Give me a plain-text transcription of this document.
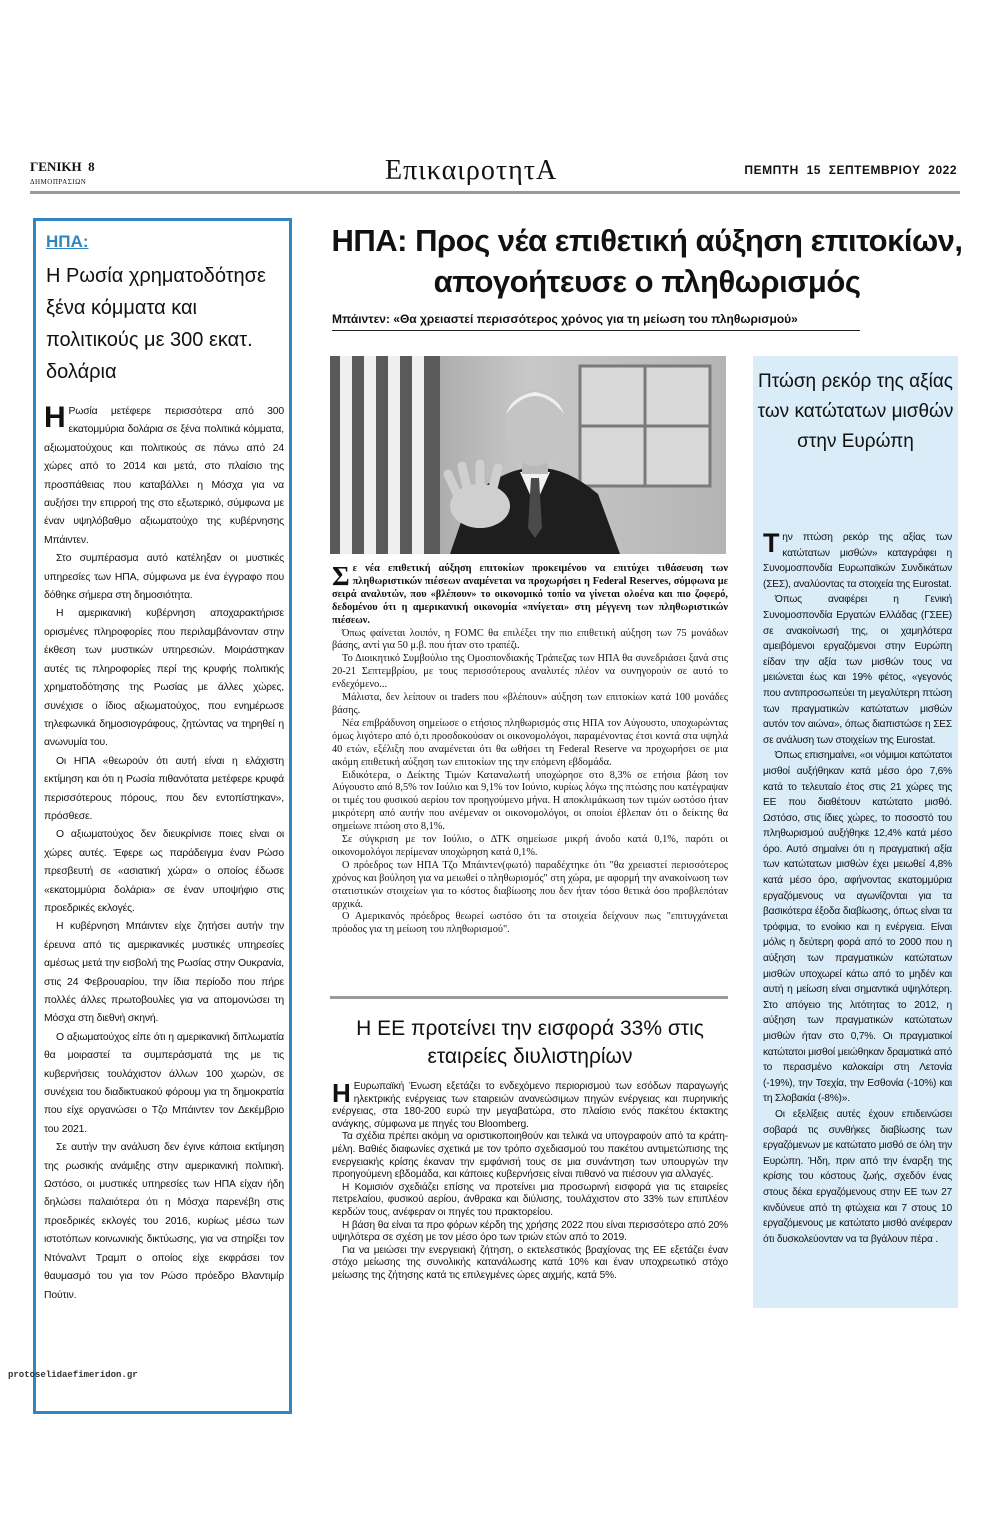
ΓΕΝΙΚΗ 8
ΔΗΜΟΠΡΑΣΙΩΝ	ΕπικαιροτητΑ	ΠΕΜΠΤΗ 15 ΣΕΠΤΕΜΒΡΙΟΥ 2022
ΗΠΑ:
Η Ρωσία χρηματοδότησε ξένα κόμματα και πολιτικούς με 300 εκατ. δολάρια

Η Ρωσία μετέφερε περισσότερα από 300 εκατομμύρια δολάρια σε ξένα πολιτικά κόμματα, αξιωματούχους και πολιτικούς σε πάνω από 24 χώρες από το 2014 και μετά, στο πλαίσιο της προσπάθειας που καταβάλλει η Μόσχα για να αυξήσει την επιρροή της στο εξωτερικό, σύμφωνα με έναν υψηλόβαθμο αξιωματούχο της κυβέρνησης Μπάιντεν.

Στο συμπέρασμα αυτό κατέληξαν οι μυστικές υπηρεσίες των ΗΠΑ, σύμφωνα με ένα έγγραφο που δόθηκε σήμερα στη δημοσιότητα.

Η αμερικανική κυβέρνηση αποχαρακτήρισε ορισμένες πληροφορίες που περιλαμβάνονταν στην έκθεση των μυστικών υπηρεσιών. Μοιράστηκαν αυτές τις πληροφορίες περί της κρυφής πολιτικής χρηματοδότησης της Ρωσίας με άλλες χώρες, συνέχισε ο ίδιος αξιωματούχος, που ενημέρωσε τηλεφωνικά δημοσιογράφους, ζητώντας να τηρηθεί η ανωνυμία του.

Οι ΗΠΑ «θεωρούν ότι αυτή είναι η ελάχιστη εκτίμηση και ότι η Ρωσία πιθανότατα μετέφερε κρυφά περισσότερους πόρους, που δεν εντοπίστηκαν», πρόσθεσε.

Ο αξιωματούχος δεν διευκρίνισε ποιες είναι οι χώρες αυτές. Έφερε ως παράδειγμα έναν Ρώσο πρεσβευτή σε «ασιατική χώρα» ο οποίος έδωσε «εκατομμύρια δολάρια» σε έναν υποψήφιο στις προεδρικές εκλογές.

Η κυβέρνηση Μπάιντεν είχε ζητήσει αυτήν την έρευνα από τις αμερικανικές μυστικές υπηρεσίες αμέσως μετά την εισβολή της Ρωσίας στην Ουκρανία, στις 24 Φεβρουαρίου, την ίδια περίοδο που πήρε πολλές άλλες πρωτοβουλίες για να απομονώσει τη Μόσχα στη διεθνή σκηνή.

Ο αξιωματούχος είπε ότι η αμερικανική διπλωματία θα μοιραστεί τα συμπεράσματά της με τις κυβερνήσεις τουλάχιστον άλλων 100 χωρών, σε συνέχεια του διαδικτυακού φόρουμ για τη δημοκρατία που είχε οργανώσει ο Τζο Μπάιντεν τον Δεκέμβριο του 2021.

Σε αυτήν την ανάλυση δεν έγινε κάποια εκτίμηση της ρωσικής ανάμιξης στην αμερικανική πολιτική. Ωστόσο, οι μυστικές υπηρεσίες των ΗΠΑ είχαν ήδη δηλώσει παλαιότερα ότι η Μόσχα παρενέβη στις προεδρικές εκλογές του 2016, κυρίως μέσω των ιστοτόπων κοινωνικής δικτύωσης, για να στηρίξει τον Ντόναλντ Τραμπ ο οποίος είχε εκφράσει τον θαυμασμό του για τον Ρώσο πρόεδρο Βλαντιμίρ Πούτιν.

ΗΠΑ: Προς νέα επιθετική αύξηση επιτοκίων, απογοήτευσε ο πληθωρισμός
Μπάιντεν: «Θα χρειαστεί περισσότερος χρόνος για τη μείωση του πληθωρισμού»

Σε νέα επιθετική αύξηση επιτοκίων προκειμένου να επιτύχει τιθάσευση των πληθωριστικών πιέσεων αναμένεται να προχωρήσει η Federal Reserves, σύμφωνα με σειρά αναλυτών, που «βλέπουν» το οικονομικό τοπίο να γίνεται ολοένα και πιο ζοφερό, δεδομένου ότι η αμερικανική οικονομία «πνίγεται» στη μέγγενη των πληθωριστικών πιέσεων.

Όπως φαίνεται λοιπόν, η FOMC θα επιλέξει την πιο επιθετική αύξηση των 75 μονάδων βάσης, αντί για 50 μ.β. που ήταν στο τραπέζι.

Το Διοικητικό Συμβούλιο της Ομοσπονδιακής Τράπεζας των ΗΠΑ θα συνεδριάσει ξανά στις 20-21 Σεπτεμβρίου, με τους περισσότερους αναλυτές πλέον να συνηγορούν σε αυτό το ενδεχόμενο...

Μάλιστα, δεν λείπουν οι traders που «βλέπουν» αύξηση των επιτοκίων κατά 100 μονάδες βάσης.

Νέα επιβράδυνση σημείωσε ο ετήσιος πληθωρισμός στις ΗΠΑ τον Αύγουστο, υποχωρώντας όμως λιγότερο από ό,τι προσδοκούσαν οι οικονομολόγοι, παραμένοντας έτσι κοντά στα υψηλά 40 ετών, εξέλιξη που αναμένεται ότι θα ωθήσει τη Federal Reserve να προχωρήσει σε μια ακόμη επιθετική αύξηση των επιτοκίων της την επόμενη εβδομάδα.

Ειδικότερα, ο Δείκτης Τιμών Καταναλωτή υποχώρησε στο 8,3% σε ετήσια βάση τον Αύγουστο από 8,5% τον Ιούλιο και 9,1% τον Ιούνιο, κυρίως λόγω της πτώσης που κατέγραψαν οι τιμές του φυσικού αερίου τον προηγούμενο μήνα. Η αποκλιμάκωση των τιμών ωστόσο ήταν μικρότερη από αυτήν που ανέμεναν οι οικονομολόγοι, οι οποίοι έβλεπαν ότι ο δείκτης θα σημείωνε πτώση στο 8,1%.

Σε σύγκριση με τον Ιούλιο, ο ΔΤΚ σημείωσε μικρή άνοδο κατά 0,1%, παρότι οι οικονομολόγοι περίμεναν υποχώρηση κατά 0,1%.

Ο πρόεδρος των ΗΠΑ Τζο Μπάιντεν(φωτό) παραδέχτηκε ότι "θα χρειαστεί περισσότερος χρόνος και βούληση για να μειωθεί ο πληθωρισμός" στη χώρα, με αφορμή την ανακοίνωση των στατιστικών στοιχείων για το κόστος διαβίωσης που δεν ήταν τόσο θετικά όσο προβλεπόταν αρχικά.

Ο Αμερικανός πρόεδρος θεωρεί ωστόσο ότι τα στοιχεία δείχνουν πως "επιτυγχάνεται πρόοδος για τη μείωση του πληθωρισμού".

Η ΕΕ προτείνει την εισφορά 33% στις εταιρείες διυλιστηρίων

Η Ευρωπαϊκή Ένωση εξετάζει το ενδεχόμενο περιορισμού των εσόδων παραγωγής ηλεκτρικής ενέργειας των εταιρειών ανανεώσιμων πηγών ενέργειας και πυρηνικής ενέργειας, στα 180-200 ευρώ την μεγαβατώρα, στο πλαίσιο ενός πακέτου έκτακτης ανάγκης, σύμφωνα με πηγές του Bloomberg.

Τα σχέδια πρέπει ακόμη να οριστικοποιηθούν και τελικά να υπογραφούν από τα κράτη-μέλη. Βαθιές διαφωνίες σχετικά με τον τρόπο σχεδιασμού του πακέτου αντιμετώπισης της ενεργειακής κρίσης έκαναν την εμφάνισή τους σε μια συνάντηση των υπουργών την προηγούμενη εβδομάδα, και κάποιες κυβερνήσεις είναι πιθανό να πιέσουν για αλλαγές.

Η Κομισιόν σχεδιάζει επίσης να προτείνει μια προσωρινή εισφορά για τις εταιρείες πετρελαίου, φυσικού αερίου, άνθρακα και διύλισης, τουλάχιστον στο 33% των επιπλέον κερδών τους, ανέφεραν οι πηγές του πρακτορείου.

Η βάση θα είναι τα προ φόρων κέρδη της χρήσης 2022 που είναι περισσότερο από 20% υψηλότερα σε σχέση με τον μέσο όρο των τριών ετών από το 2019.

Για να μειώσει την ενεργειακή ζήτηση, ο εκτελεστικός βραχίονας της ΕΕ εξετάζει έναν στόχο μείωσης της συνολικής κατανάλωσης κατά 10% και έναν υποχρεωτικό στόχο μείωσης της ζήτησης κατά τις επιλεγμένες ώρες αιχμής, κατά 5%.

Πτώση ρεκόρ της αξίας των κατώτατων μισθών στην Ευρώπη

Την πτώση ρεκόρ της αξίας των κατώτατων μισθών» καταγράφει η Συνομοσπονδία Ευρωπαϊκών Συνδικάτων (ΣΕΣ), αναλύοντας τα στοιχεία της Eurostat.

Όπως αναφέρει η Γενική Συνομοσπονδία Εργατών Ελλάδας (ΓΣΕΕ) σε ανακοίνωσή της, οι χαμηλότερα αμειβόμενοι εργαζόμενοι στην Ευρώπη είδαν την αξία των μισθών τους να μειώνεται έως και 19% φέτος, «γεγονός που αντιπροσωπεύει τη μεγαλύτερη πτώση των πραγματικών κατώτατων μισθών αυτόν τον αιώνα», όπως διαπιστώσε η ΣΕΣ σε ανάλυση των στοιχείων της Eurostat.

Όπως επισημαίνει, «οι νόμιμοι κατώτατοι μισθοί αυξήθηκαν κατά μέσο όρο 7,6% κατά το τελευταίο έτος στις 21 χώρες της ΕΕ που διαθέτουν κατώτατο μισθό. Ωστόσο, στις ίδιες χώρες, το ποσοστό του πληθωρισμού αυξήθηκε 12,4% κατά μέσο όρο. Αυτό σημαίνει ότι η πραγματική αξία των κατώτατων μισθών έχει μειωθεί 4,8% κατά μέσο όρο, αφήνοντας εκατομμύρια εργαζόμενους να αγωνίζονται για τα βασικότερα έξοδα διαβίωσης, όπως είναι τα τρόφιμα, το ενοίκιο και η ενέργεια. Είναι μόλις η δεύτερη φορά από το 2000 που η αύξηση των πραγματικών κατώτατων μισθών υποχωρεί κάτω από το μηδέν και αυτή η μείωση είναι σημαντικά υψηλότερη. Στο απόγειο της λιτότητας το 2012, η αύξηση των πραγματικών κατώτατων μισθών ήταν στο 0,7%. Οι πραγματικοί κατώτατοι μισθοί μειώθηκαν δραματικά από το περασμένο καλοκαίρι στη Λετονία (-19%), την Τσεχία, την Εσθονία (-10%) και τη Σλοβακία (-8%)».

Οι εξελίξεις αυτές έχουν επιδεινώσει σοβαρά τις συνθήκες διαβίωσης των εργαζόμενων με κατώτατο μισθό σε όλη την Ευρώπη. Ήδη, πριν από την έναρξη της κρίσης του κόστους ζωής, σχεδόν ένας στους δέκα εργαζόμενους στην ΕΕ των 27 κινδύνευε από τη φτώχεια και 7 στους 10 εργαζόμενους με κατώτατο μισθό ανέφεραν ότι δυσκολεύονταν να τα βγάλουν πέρα .

protoselidaefimeridon.gr
